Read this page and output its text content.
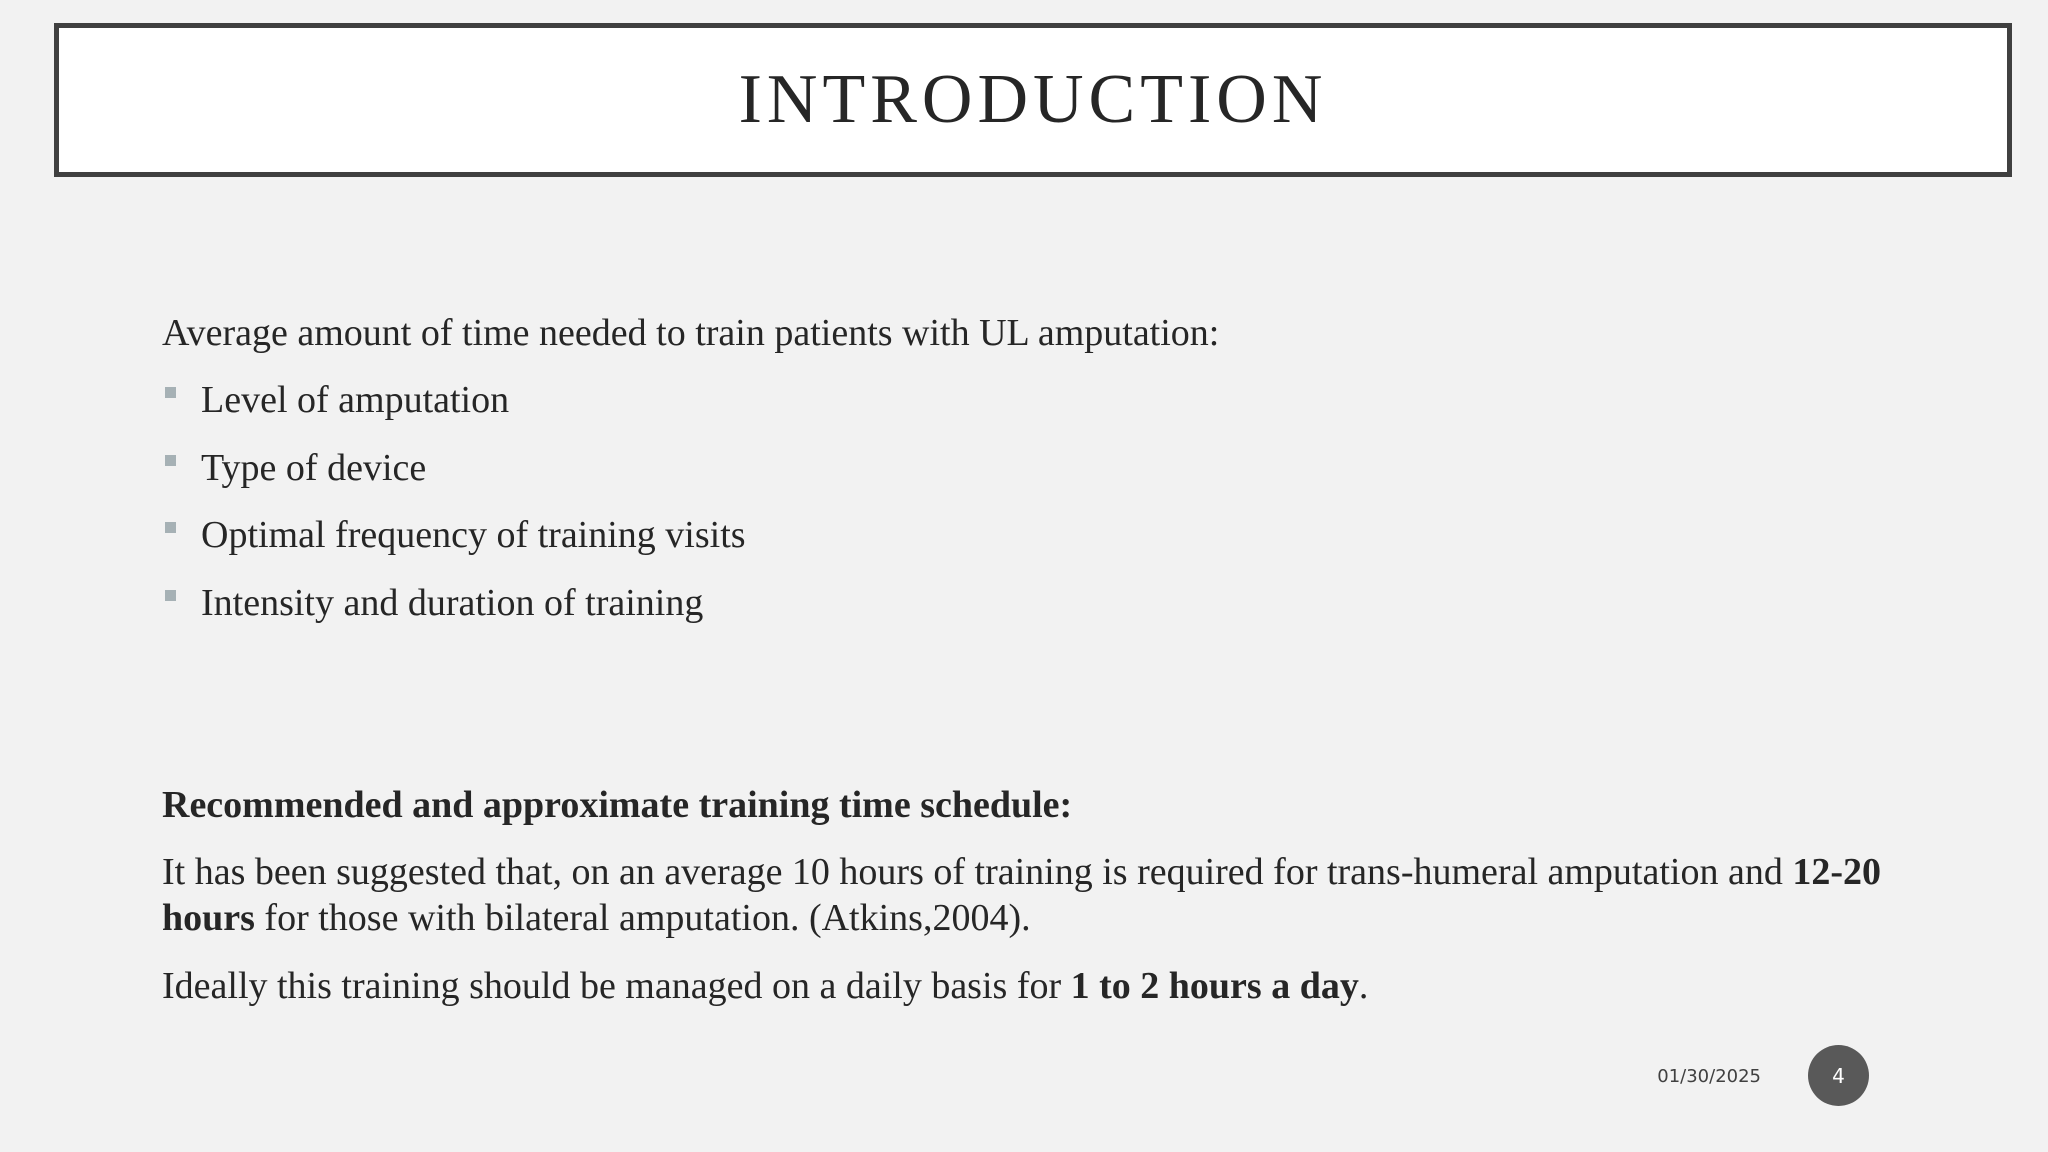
INTRODUCTION

Average amount of time needed to train patients with UL amputation:

Level of amputation
Type of device
Optimal frequency of training visits
Intensity and duration of training

Recommended and approximate training time schedule:

It has been suggested that, on an average 10 hours of training is required for trans-humeral amputation and 12-20 hours for those with bilateral amputation. (Atkins,2004).

Ideally this training should be managed on a daily basis for 1 to 2 hours a day.

01/30/2025	4
